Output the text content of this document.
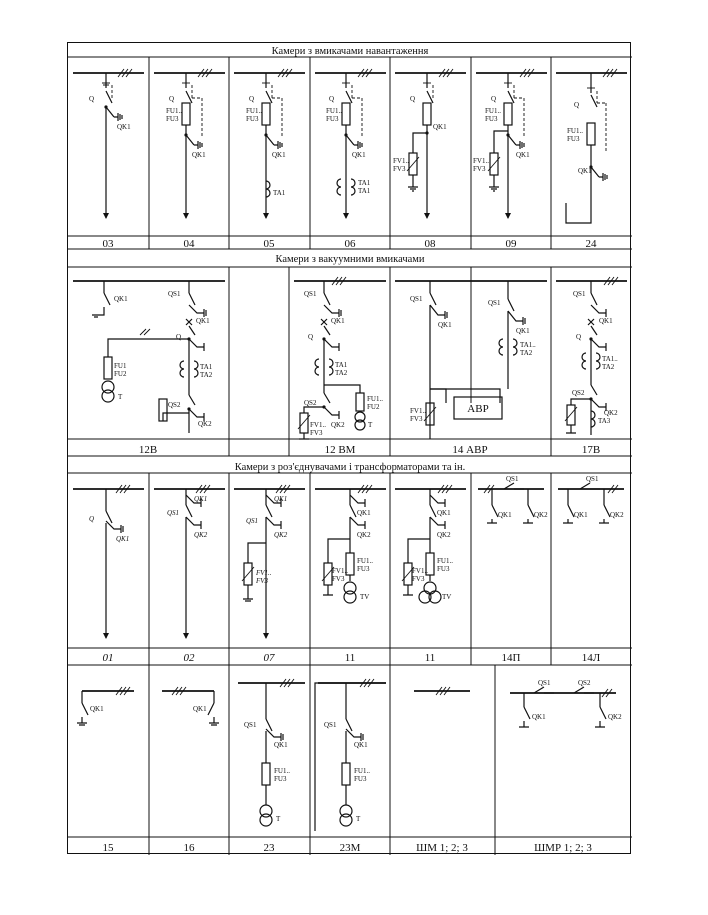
Камери з вмикачами навантаження
Камери з вакуумними вмикачами
Камери з роз'єднувачами і трансформаторами та ін.
03	04	05	06	08	09	24
12В	12 ВМ	14 АВР	17В
01	02	07	11	11	14П	14Л
15	16	23	23М	ШМ 1; 2; 3	ШМР 1; 2; 3
Q
QK1
Q
FU1..
FU3
QK1
Q
FU1..
FU3
QK1
TA1
Q
FU1..
FU3
QK1
TA1
TA1
Q
QK1
FV1..
FV3
Q
FU1..
FU3
FV1..
FV3
QK1
Q
FU1..
FU3
QK1
QK1
FU1
FU2
T
QS1
QK1
Q
TA1
TA2
QS2
QK2
QS1
QK1
Q
TA1
TA2
QS2	FU1..
FU2
FV1..
FV3
QK2	T
АВР
QS1
QK1
FV1..
FV3
QS1
QK1
TA1..
TA2
QS1
QK1
Q
TA1..
TA2
QS2
QK2
TA3
Q
QK1
QS1
QK1
QK2
QS1
QK1
QK2
FV1..
FV3
QK1
QK2
FV1..
FV3
FU1..
FU3
TV
QK1
QK2
FV1..
FV3
FU1..
FU3
TV
QS1
QK1	QK2
QS1
QK1	QK2
QK1	QK1
QS1
QK1
FU1..
FU3
T
QS1
QK1
FU1..
FU3
T
QS1	QS2
QK1	QK2
